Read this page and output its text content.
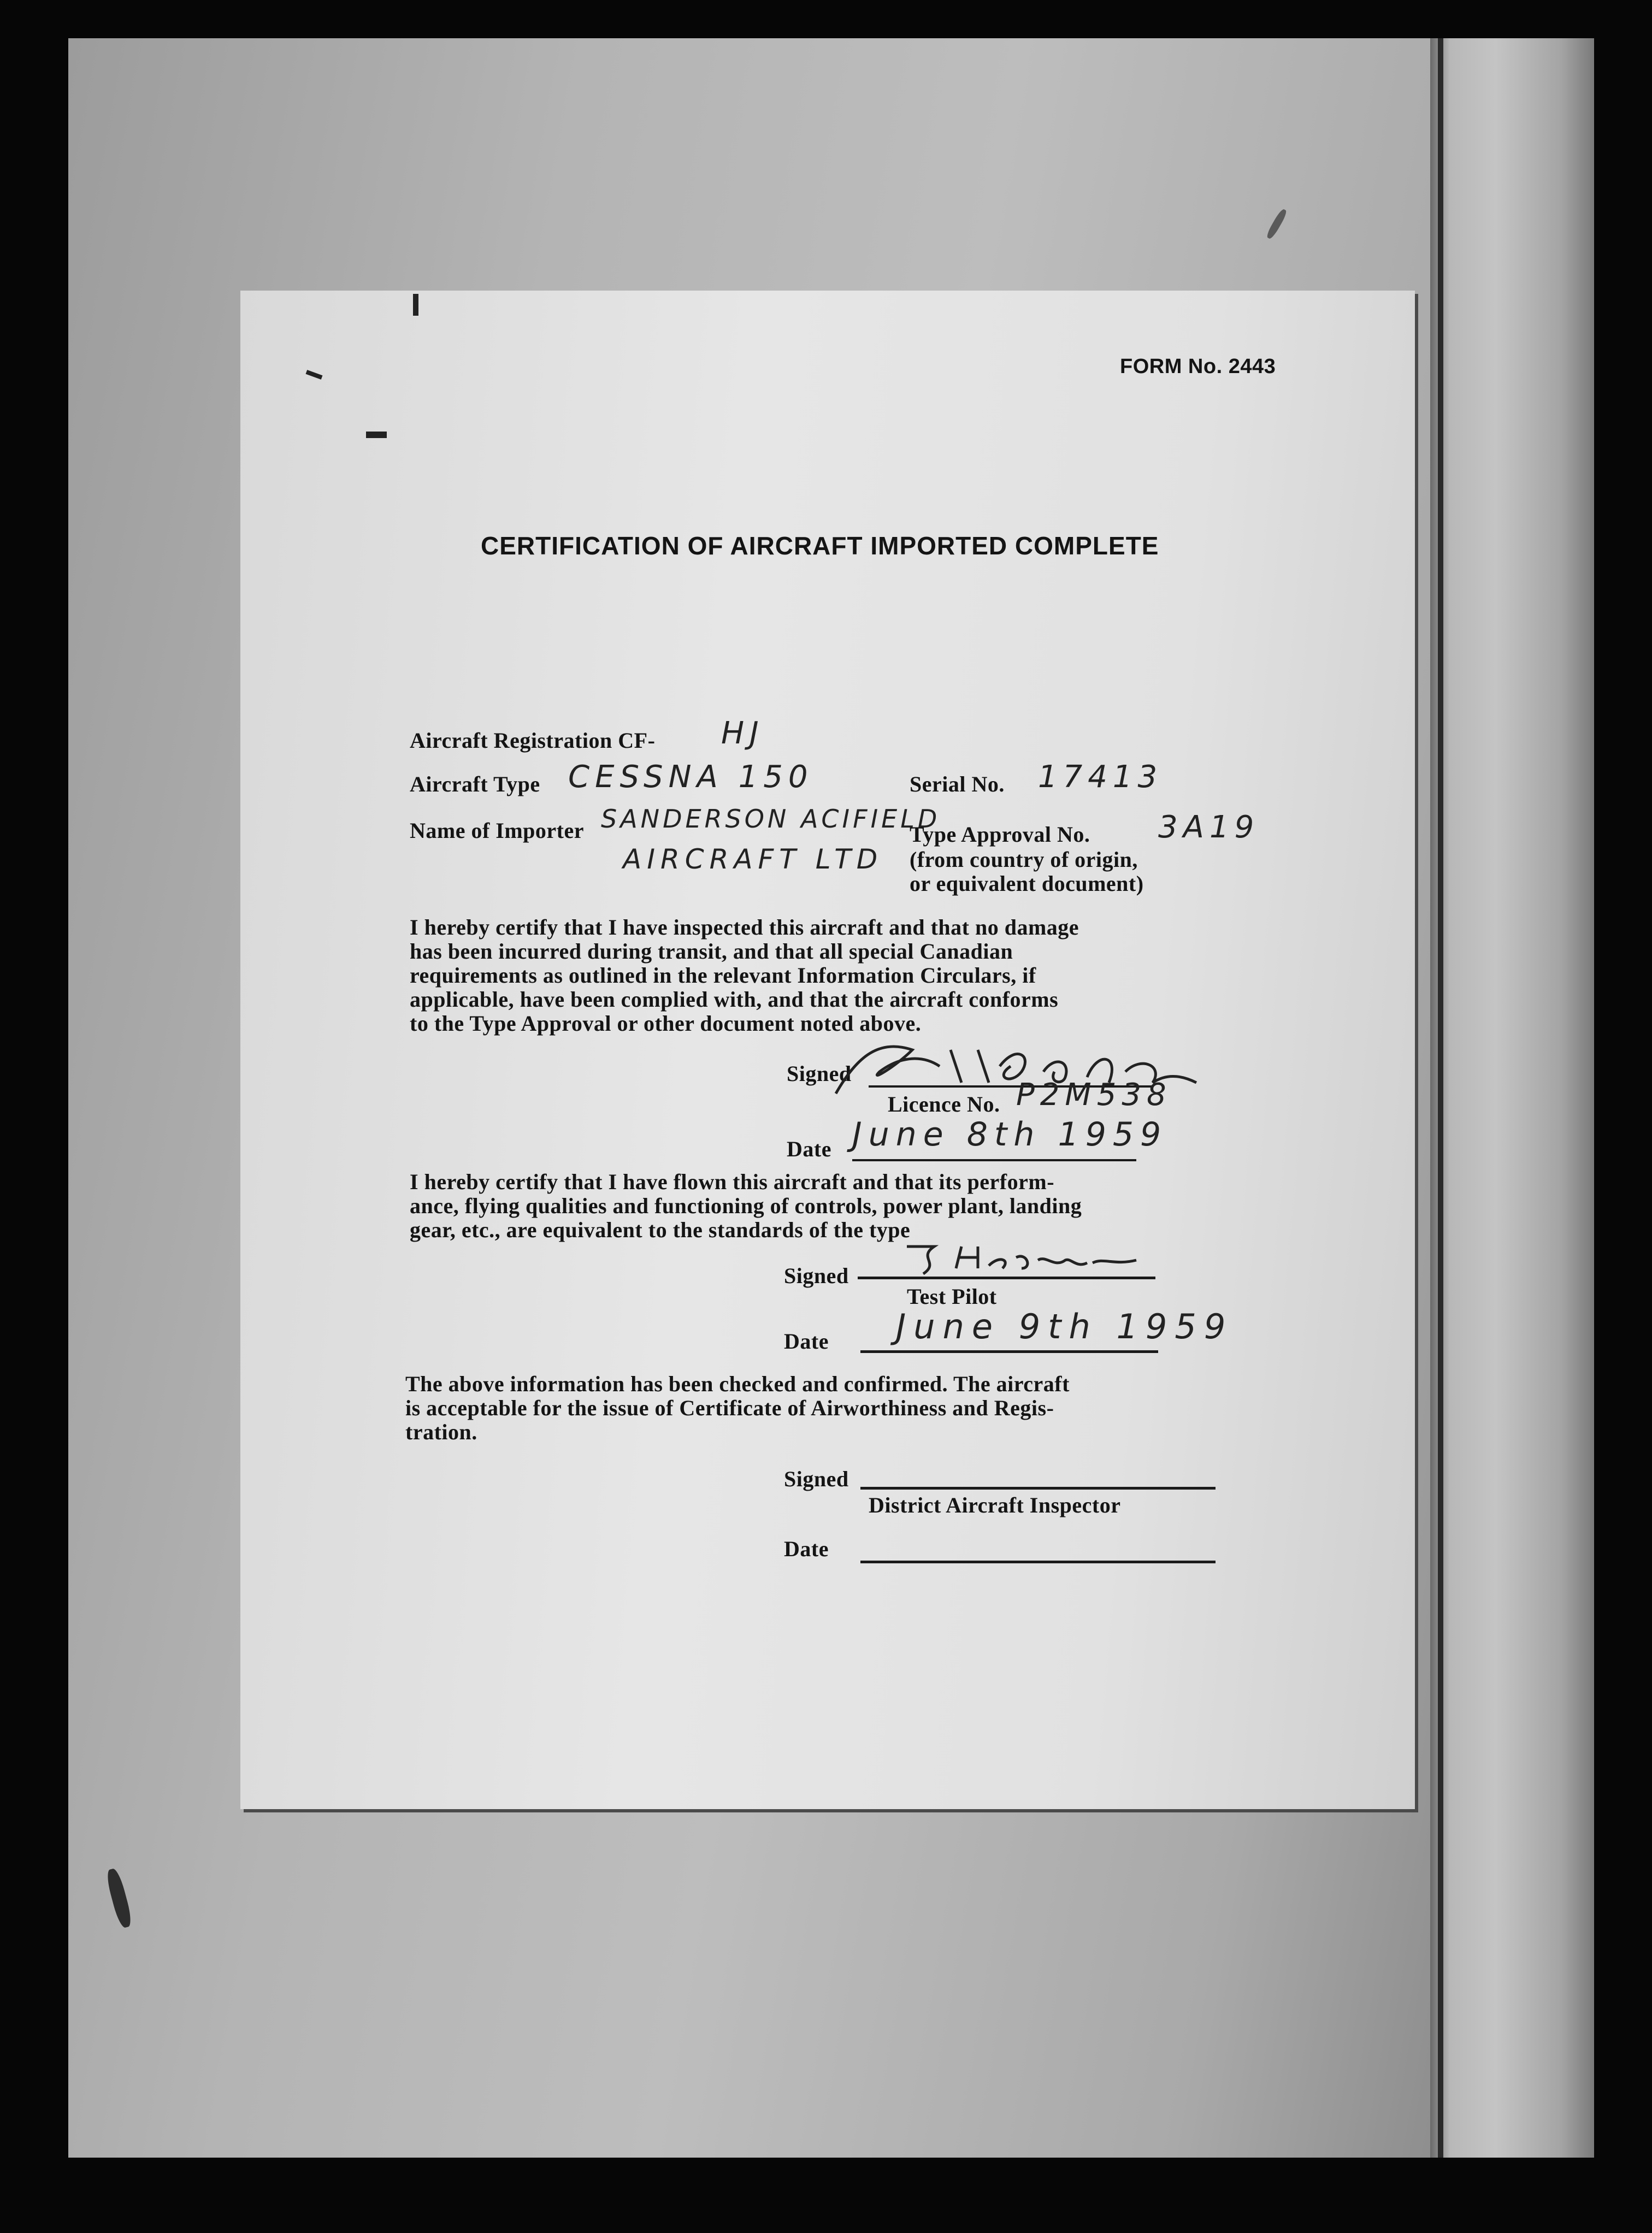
FORM No. 2443
CERTIFICATION OF AIRCRAFT IMPORTED COMPLETE
Aircraft Registration CF- HJ
Aircraft Type CESSNA 150	Serial No. 17413
Name of Importer SANDERSON ACIFIELD
AIRCRAFT LTD
Type Approval No. 3A19
(from country of origin,
or equivalent document)
I hereby certify that I have inspected this aircraft and that no damage
has been incurred during transit, and that all special Canadian
requirements as outlined in the relevant Information Circulars, if
applicable, have been complied with, and that the aircraft conforms
to the Type Approval or other document noted above.
Signed
Licence No. P2M538
Date June 8th 1959
I hereby certify that I have flown this aircraft and that its perform-
ance, flying qualities and functioning of controls, power plant, landing
gear, etc., are equivalent to the standards of the type
Signed
Test Pilot
Date June 9th 1959
The above information has been checked and confirmed. The aircraft
is acceptable for the issue of Certificate of Airworthiness and Regis-
tration.
Signed
District Aircraft Inspector
Date
